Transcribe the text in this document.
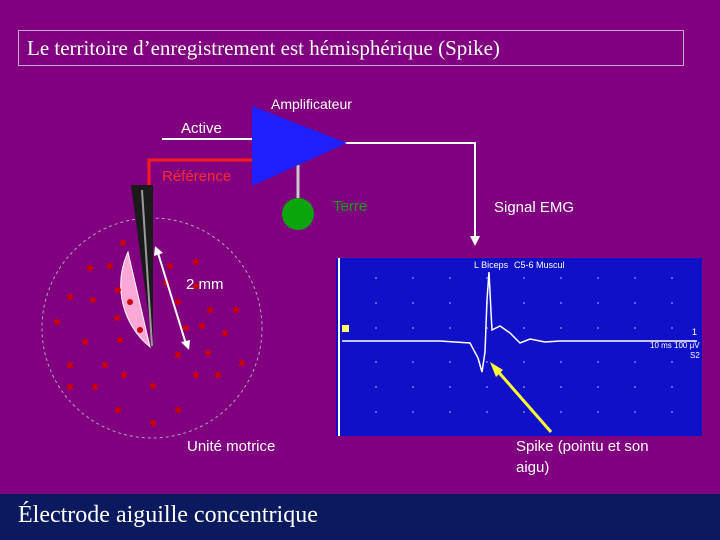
Le territoire d’enregistrement est hémisphérique (Spike)
Amplificateur
Active
Référence
Terre	Signal EMG
2 mm
Unité motrice	Spike (pointu et son
aigu)
L Biceps C5-6 Muscul
1
10 ms 100 μV
S2
Électrode aiguille concentrique
